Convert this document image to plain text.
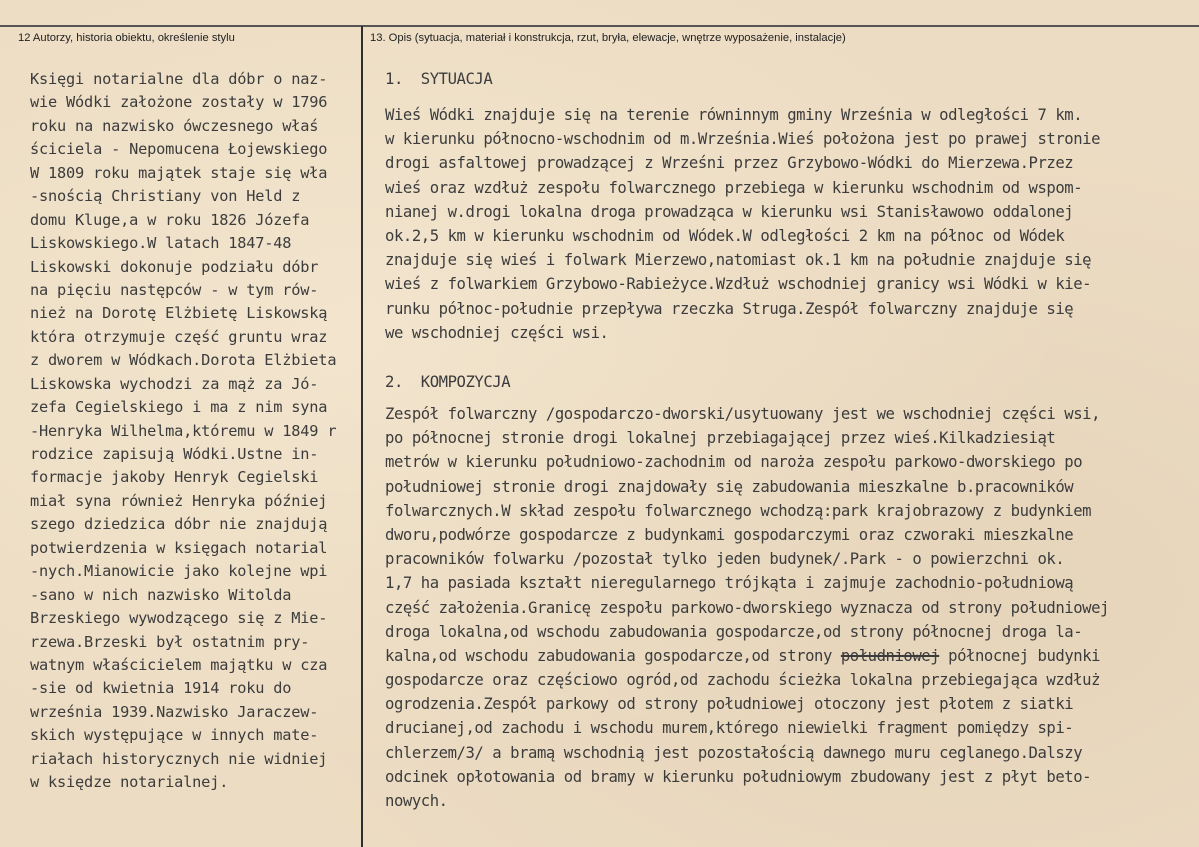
12 Autorzy, historia obiektu, określenie stylu	13. Opis (sytuacja, materiał i konstrukcja, rzut, bryła, elewacje, wnętrze wyposażenie, instalacje)
Księgi notarialne dla dóbr o naz-
wie Wódki założone zostały w 1796
roku na nazwisko ówczesnego właś
ściciela - Nepomucena Łojewskiego
W 1809 roku majątek staje się wła
-snością Christiany von Held z
domu Kluge,a w roku 1826 Józefa
Liskowskiego.W latach 1847-48
Liskowski dokonuje podziału dóbr
na pięciu następców - w tym rów-
nież na Dorotę Elżbietę Liskowską
która otrzymuje część gruntu wraz
z dworem w Wódkach.Dorota Elżbieta
Liskowska wychodzi za mąż za Jó-
zefa Cegielskiego i ma z nim syna
-Henryka Wilhelma,któremu w 1849 r
rodzice zapisują Wódki.Ustne in-
formacje jakoby Henryk Cegielski
miał syna również Henryka później
szego dziedzica dóbr nie znajdują
potwierdzenia w księgach notarial
-nych.Mianowicie jako kolejne wpi
-sano w nich nazwisko Witolda
Brzeskiego wywodzącego się z Mie-
rzewa.Brzeski był ostatnim pry-
watnym właścicielem majątku w cza
-sie od kwietnia 1914 roku do
września 1939.Nazwisko Jaraczew-
skich występujące w innych mate-
riałach historycznych nie widniej
w księdze notarialnej.
1.  SYTUACJA
Wieś Wódki znajduje się na terenie równinnym gminy Września w odległości 7 km.
w kierunku północno-wschodnim od m.Września.Wieś położona jest po prawej stronie
drogi asfaltowej prowadzącej z Wrześni przez Grzybowo-Wódki do Mierzewa.Przez
wieś oraz wzdłuż zespołu folwarcznego przebiega w kierunku wschodnim od wspom-
nianej w.drogi lokalna droga prowadząca w kierunku wsi Stanisławowo oddalonej
ok.2,5 km w kierunku wschodnim od Wódek.W odległości 2 km na północ od Wódek
znajduje się wieś i folwark Mierzewo,natomiast ok.1 km na południe znajduje się
wieś z folwarkiem Grzybowo-Rabieżyce.Wzdłuż wschodniej granicy wsi Wódki w kie-
runku północ-południe przepływa rzeczka Struga.Zespół folwarczny znajduje się
we wschodniej części wsi.
2.  KOMPOZYCJA
Zespół folwarczny /gospodarczo-dworski/usytuowany jest we wschodniej części wsi,
po północnej stronie drogi lokalnej przebiagającej przez wieś.Kilkadziesiąt
metrów w kierunku południowo-zachodnim od naroża zespołu parkowo-dworskiego po
południowej stronie drogi znajdowały się zabudowania mieszkalne b.pracowników
folwarcznych.W skład zespołu folwarcznego wchodzą:park krajobrazowy z budynkiem
dworu,podwórze gospodarcze z budynkami gospodarczymi oraz czworaki mieszkalne
pracowników folwarku /pozostał tylko jeden budynek/.Park - o powierzchni ok.
1,7 ha pasiada kształt nieregularnego trójkąta i zajmuje zachodnio-południową
część założenia.Granicę zespołu parkowo-dworskiego wyznacza od strony południowej
droga lokalna,od wschodu zabudowania gospodarcze,od strony północnej droga la-
kalna,od wschodu zabudowania gospodarcze,od strony południowej północnej budynki
gospodarcze oraz częściowo ogród,od zachodu ścieżka lokalna przebiegająca wzdłuż
ogrodzenia.Zespół parkowy od strony południowej otoczony jest płotem z siatki
drucianej,od zachodu i wschodu murem,którego niewielki fragment pomiędzy spi-
chlerzem/3/ a bramą wschodnią jest pozostałością dawnego muru ceglanego.Dalszy
odcinek opłotowania od bramy w kierunku południowym zbudowany jest z płyt beto-
nowych.
